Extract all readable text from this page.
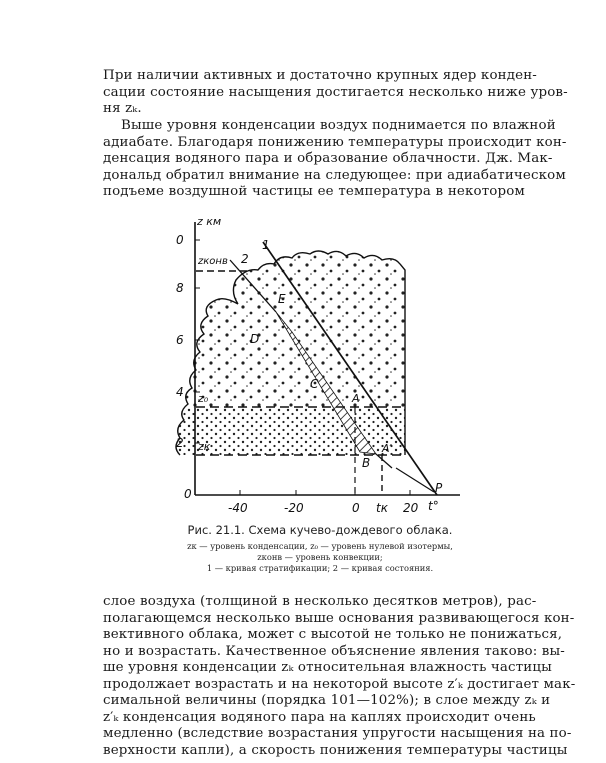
При наличии активных и достаточно крупных ядер конден-
сации состояние насыщения достигается несколько ниже уров-
ня zₖ.
Выше уровня конденсации воздух поднимается по влажной
адиабате. Благодаря понижению температуры происходит кон-
денсация водяного пара и образование облачности. Дж. Мак-
дональд обратил внимание на следующее: при адиабатическом
подъеме воздушной частицы ее температура в некотором
z км
0
8
6
4
2
0
-40	-20	0 tк 20 t°
zконв
z₀
zк
1
2
E
D
C
A
A′
B
P
Рис. 21.1. Схема кучево-дождевого облака.
zк — уровень конденсации, z₀ — уровень нулевой изотермы,
zконв — уровень конвекции;
1 — кривая стратификации; 2 — кривая состояния.
слое воздуха (толщиной в несколько десятков метров), рас-
полагающемся несколько выше основания развивающегося кон-
вективного облака, может с высотой не только не понижаться,
но и возрастать. Качественное объяснение явления таково: вы-
ше уровня конденсации zₖ относительная влажность частицы
продолжает возрастать и на некоторой высоте z′ₖ достигает мак-
симальной величины (порядка 101—102%); в слое между zₖ и
z′ₖ конденсация водяного пара на каплях происходит очень
медленно (вследствие возрастания упругости насыщения на по-
верхности капли), а скорость понижения температуры частицы
